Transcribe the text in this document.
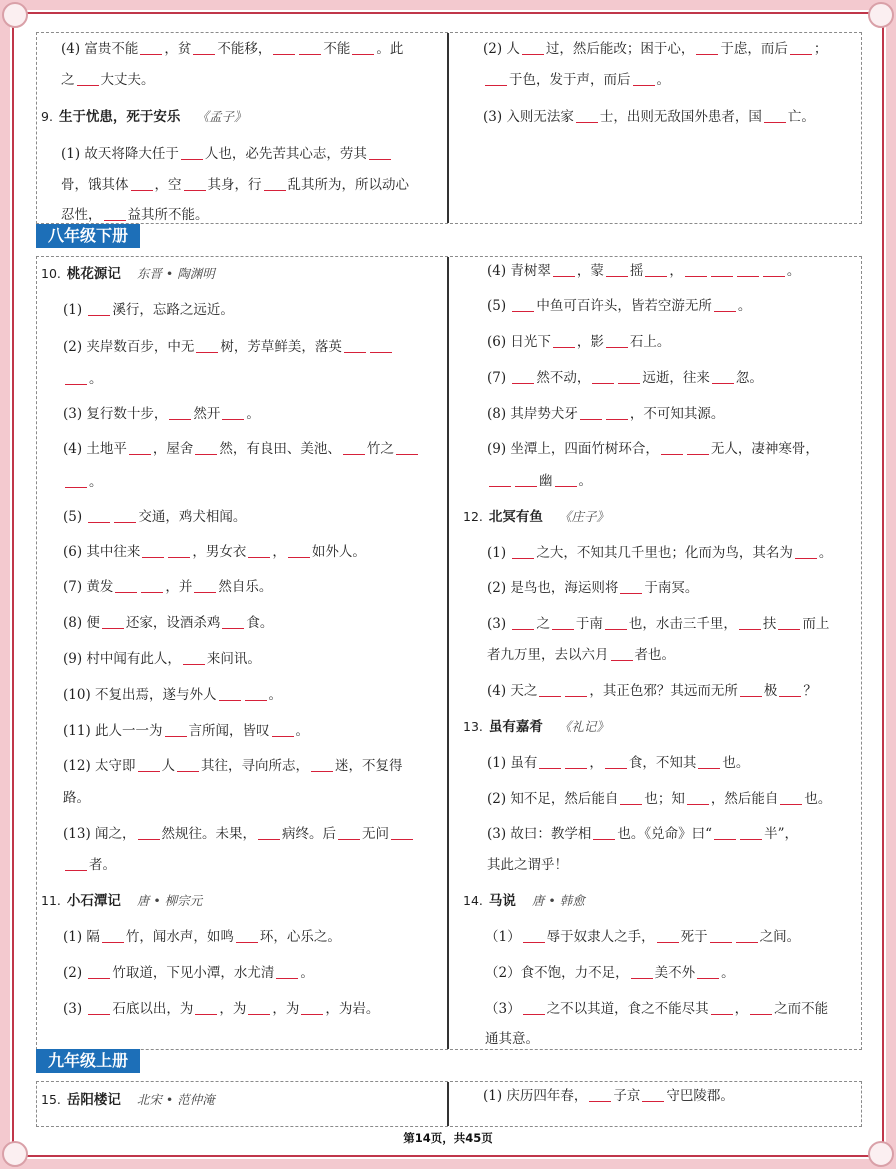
(4) 富贵不能 ，贫 不能移，	不能 。此
之 大丈夫。
9. 生于忧患，死于安乐 《孟子》
(1) 故天将降大任于 人也，必先苦其心志，劳其
骨，饿其体 ，空 其身，行 乱其所为，所以动心
忍性， 益其所不能。
(2) 人 过，然后能改；困于心， 于虑，而后 ；
于色，发于声，而后 。
(3) 入则无法家 士，出则无敌国外患者，国 亡。
八年级下册
10. 桃花源记 东晋 • 陶渊明
(1) 溪行，忘路之远近。
(2) 夹岸数百步，中无 树，芳草鲜美，落英
。
(3) 复行数十步， 然开 。
(4) 土地平 ，屋舍 然，有良田、美池、 竹之
。
(5)	交通，鸡犬相闻。
(6) 其中往来	，男女衣 ， 如外人。
(7) 黄发	，并 然自乐。
(8) 便 还家，设酒杀鸡 食。
(9) 村中闻有此人， 来问讯。
(10) 不复出焉，遂与外人	。
(11) 此人一一为 言所闻，皆叹 。
(12) 太守即 人 其往，寻向所志， 迷，不复得
路。
(13) 闻之， 然规往。未果， 病终。后 无问
者。
11. 小石潭记 唐 • 柳宗元
(1) 隔 竹，闻水声，如鸣 环，心乐之。
(2) 竹取道，下见小潭，水尤清 。
(3) 石底以出，为 ，为 ，为 ，为岩。
(4) 青树翠 ，蒙 摇 ，	。
(5) 中鱼可百许头，皆若空游无所 。
(6) 日光下 ，影 石上。
(7) 然不动，	远逝，往来 忽。
(8) 其岸势犬牙	，不可知其源。
(9) 坐潭上，四面竹树环合，	无人，凄神寒骨，
幽 。
12. 北冥有鱼 《庄子》
(1) 之大，不知其几千里也；化而为鸟，其名为 。
(2) 是鸟也，海运则将 于南冥。
(3) 之 于南 也，水击三千里， 扶 而上
者九万里，去以六月 者也。
(4) 天之	，其正色邪？其远而无所 极 ？
13. 虽有嘉肴 《礼记》
(1) 虽有	， 食，不知其 也。
(2) 知不足，然后能自 也；知 ，然后能自 也。
(3) 故曰：教学相 也。《兑命》曰“	半”，
其此之谓乎！
14. 马说 唐 • 韩愈
（1） 辱于奴隶人之手， 死于	之间。
（2）食不饱，力不足， 美不外 。
（3） 之不以其道，食之不能尽其 ， 之而不能
通其意。
九年级上册
15. 岳阳楼记 北宋 • 范仲淹	(1) 庆历四年春， 子京 守巴陵郡。
第14页，共45页
